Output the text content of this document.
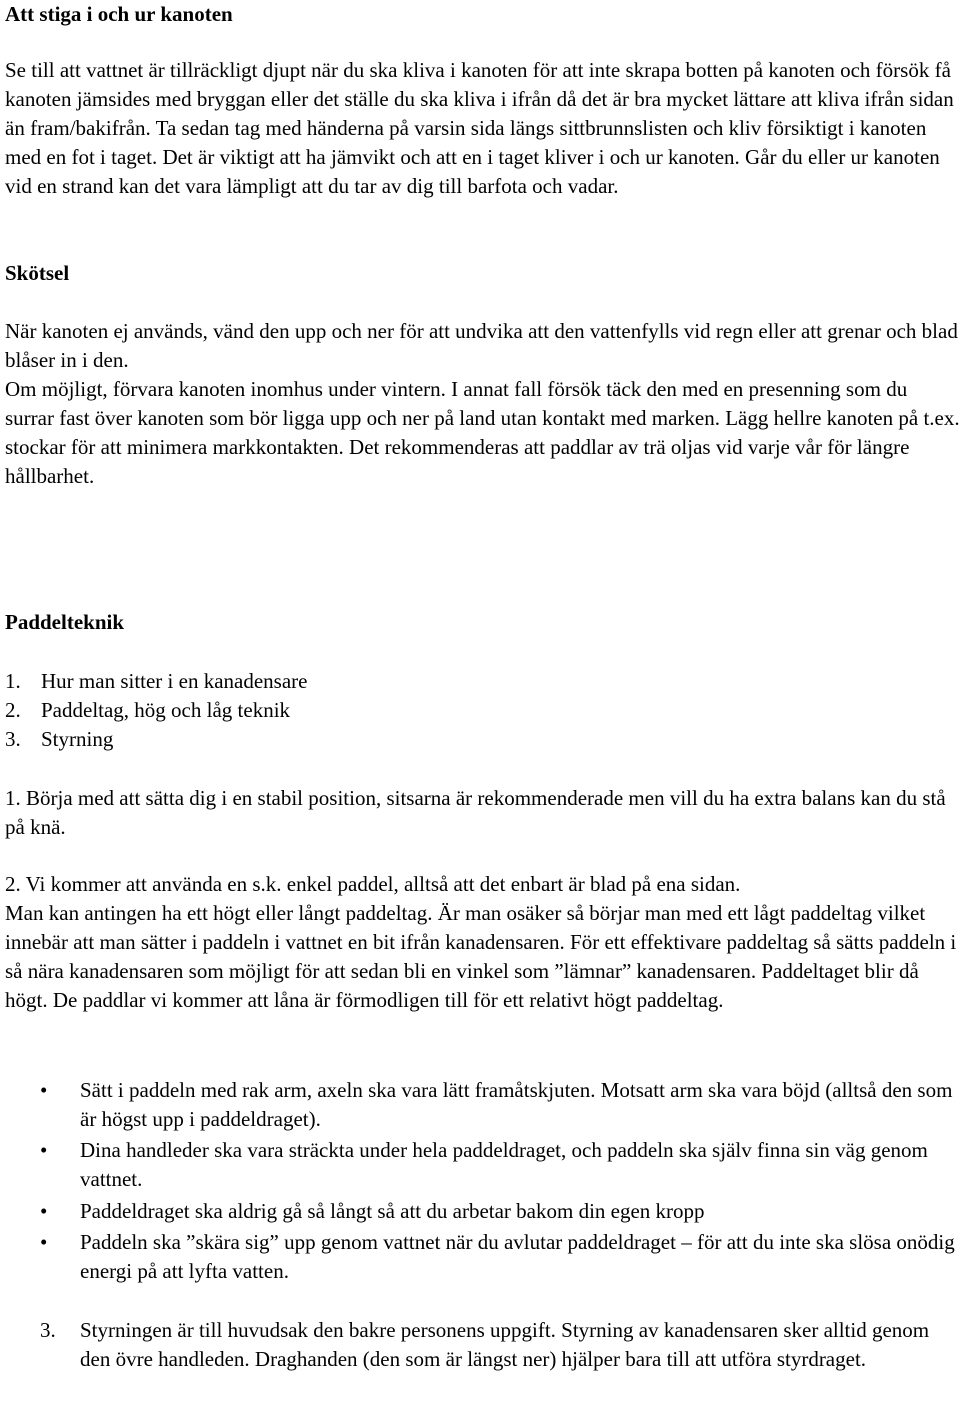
Att stiga i och ur kanoten

Se till att vattnet är tillräckligt djupt när du ska kliva i kanoten för att inte skrapa botten på kanoten och försök få kanoten jämsides med bryggan eller det ställe du ska kliva i ifrån då det är bra mycket lättare att kliva ifrån sidan än fram/bakifrån. Ta sedan tag med händerna på varsin sida längs sittbrunnslisten och kliv försiktigt i kanoten med en fot i taget. Det är viktigt att ha jämvikt och att en i taget kliver i och ur kanoten. Går du eller ur kanoten vid en strand kan det vara lämpligt att du tar av dig till barfota och vadar.

Skötsel

När kanoten ej används, vänd den upp och ner för att undvika att den vattenfylls vid regn eller att grenar och blad blåser in i den.

Om möjligt, förvara kanoten inomhus under vintern. I annat fall försök täck den med en presenning som du surrar fast över kanoten som bör ligga upp och ner på land utan kontakt med marken. Lägg hellre kanoten på t.ex. stockar för att minimera markkontakten. Det rekommenderas att paddlar av trä oljas vid varje vår för längre hållbarhet.

Paddelteknik
1. Hur man sitter i en kanadensare
2. Paddeltag, hög och låg teknik
3. Styrning

1. Börja med att sätta dig i en stabil position, sitsarna är rekommenderade men vill du ha extra balans kan du stå på knä.

2. Vi kommer att använda en s.k. enkel paddel, alltså att det enbart är blad på ena sidan.

Man kan antingen ha ett högt eller långt paddeltag. Är man osäker så börjar man med ett lågt paddeltag vilket innebär att man sätter i paddeln i vattnet en bit ifrån kanadensaren. För ett effektivare paddeltag så sätts paddeln i så nära kanadensaren som möjligt för att sedan bli en vinkel som ”lämnar” kanadensaren. Paddeltaget blir då högt. De paddlar vi kommer att låna är förmodligen till för ett relativt högt paddeltag.

•	Sätt i paddeln med rak arm, axeln ska vara lätt framåtskjuten. Motsatt arm ska vara böjd (alltså den som är högst upp i paddeldraget).
•	Dina handleder ska vara sträckta under hela paddeldraget, och paddeln ska själv finna sin väg genom vattnet.
•	Paddeldraget ska aldrig gå så långt så att du arbetar bakom din egen kropp
•	Paddeln ska ”skära sig” upp genom vattnet när du avlutar paddeldraget – för att du inte ska slösa onödig energi på att lyfta vatten.
3. Styrningen är till huvudsak den bakre personens uppgift. Styrning av kanadensaren sker alltid genom den övre handleden. Draghanden (den som är längst ner) hjälper bara till att utföra styrdraget.
